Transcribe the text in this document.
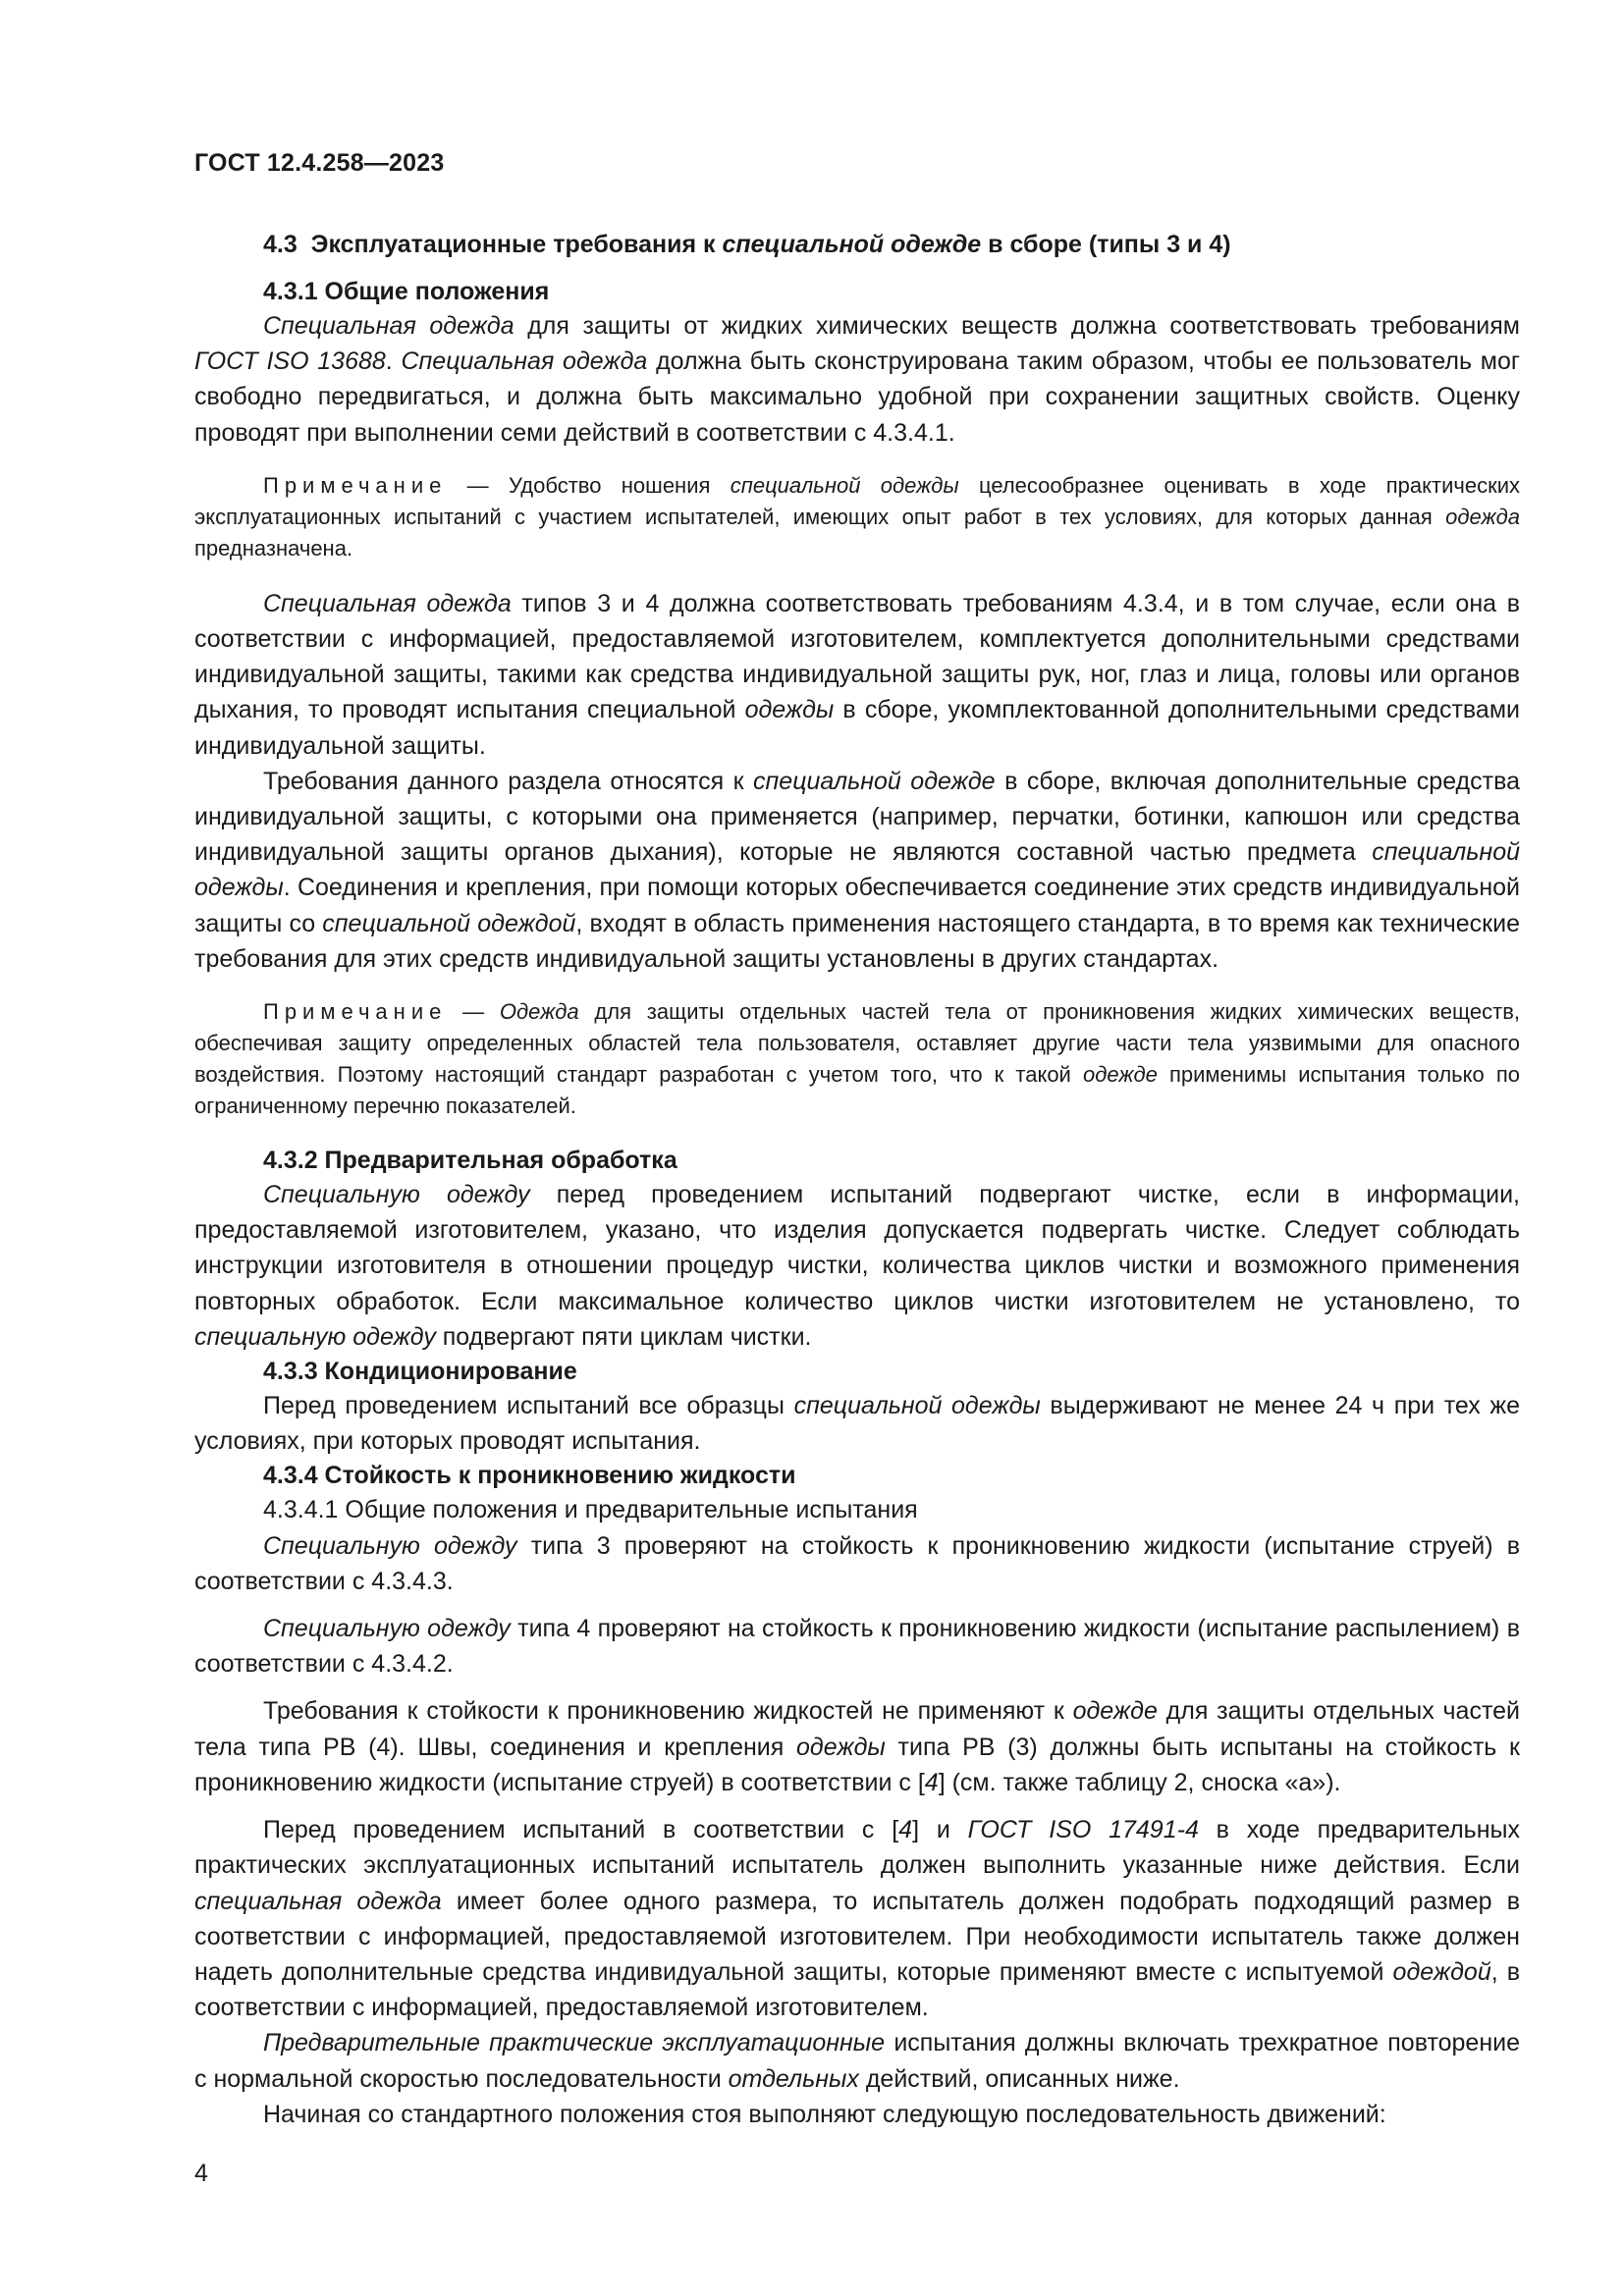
ГОСТ 12.4.258—2023
4.3 Эксплуатационные требования к специальной одежде в сборе (типы 3 и 4)
4.3.1 Общие положения

Специальная одежда для защиты от жидких химических веществ должна соответствовать требованиям ГОСТ ISO 13688. Специальная одежда должна быть сконструирована таким образом, чтобы ее пользователь мог свободно передвигаться, и должна быть максимально удобной при сохранении защитных свойств. Оценку проводят при выполнении семи действий в соответствии с 4.3.4.1.

Примечание — Удобство ношения специальной одежды целесообразнее оценивать в ходе практических эксплуатационных испытаний с участием испытателей, имеющих опыт работ в тех условиях, для которых данная одежда предназначена.

Специальная одежда типов 3 и 4 должна соответствовать требованиям 4.3.4, и в том случае, если она в соответствии с информацией, предоставляемой изготовителем, комплектуется дополнительными средствами индивидуальной защиты, такими как средства индивидуальной защиты рук, ног, глаз и лица, головы или органов дыхания, то проводят испытания специальной одежды в сборе, укомплектованной дополнительными средствами индивидуальной защиты.

Требования данного раздела относятся к специальной одежде в сборе, включая дополнительные средства индивидуальной защиты, с которыми она применяется (например, перчатки, ботинки, капюшон или средства индивидуальной защиты органов дыхания), которые не являются составной частью предмета специальной одежды. Соединения и крепления, при помощи которых обеспечивается соединение этих средств индивидуальной защиты со специальной одеждой, входят в область применения настоящего стандарта, в то время как технические требования для этих средств индивидуальной защиты установлены в других стандартах.

Примечание — Одежда для защиты отдельных частей тела от проникновения жидких химических веществ, обеспечивая защиту определенных областей тела пользователя, оставляет другие части тела уязвимыми для опасного воздействия. Поэтому настоящий стандарт разработан с учетом того, что к такой одежде применимы испытания только по ограниченному перечню показателей.

4.3.2 Предварительная обработка

Специальную одежду перед проведением испытаний подвергают чистке, если в информации, предоставляемой изготовителем, указано, что изделия допускается подвергать чистке. Следует соблюдать инструкции изготовителя в отношении процедур чистки, количества циклов чистки и возможного применения повторных обработок. Если максимальное количество циклов чистки изготовителем не установлено, то специальную одежду подвергают пяти циклам чистки.

4.3.3 Кондиционирование

Перед проведением испытаний все образцы специальной одежды выдерживают не менее 24 ч при тех же условиях, при которых проводят испытания.

4.3.4 Стойкость к проникновению жидкости

4.3.4.1 Общие положения и предварительные испытания

Специальную одежду типа 3 проверяют на стойкость к проникновению жидкости (испытание струей) в соответствии с 4.3.4.3.

Специальную одежду типа 4 проверяют на стойкость к проникновению жидкости (испытание распылением) в соответствии с 4.3.4.2.

Требования к стойкости к проникновению жидкостей не применяют к одежде для защиты отдельных частей тела типа PB (4). Швы, соединения и крепления одежды типа PB (3) должны быть испытаны на стойкость к проникновению жидкости (испытание струей) в соответствии с [4] (см. также таблицу 2, сноска «а»).

Перед проведением испытаний в соответствии с [4] и ГОСТ ISO 17491-4 в ходе предварительных практических эксплуатационных испытаний испытатель должен выполнить указанные ниже действия. Если специальная одежда имеет более одного размера, то испытатель должен подобрать подходящий размер в соответствии с информацией, предоставляемой изготовителем. При необходимости испытатель также должен надеть дополнительные средства индивидуальной защиты, которые применяют вместе с испытуемой одеждой, в соответствии с информацией, предоставляемой изготовителем.

Предварительные практические эксплуатационные испытания должны включать трехкратное повторение с нормальной скоростью последовательности отдельных действий, описанных ниже.

Начиная со стандартного положения стоя выполняют следующую последовательность движений:

4
